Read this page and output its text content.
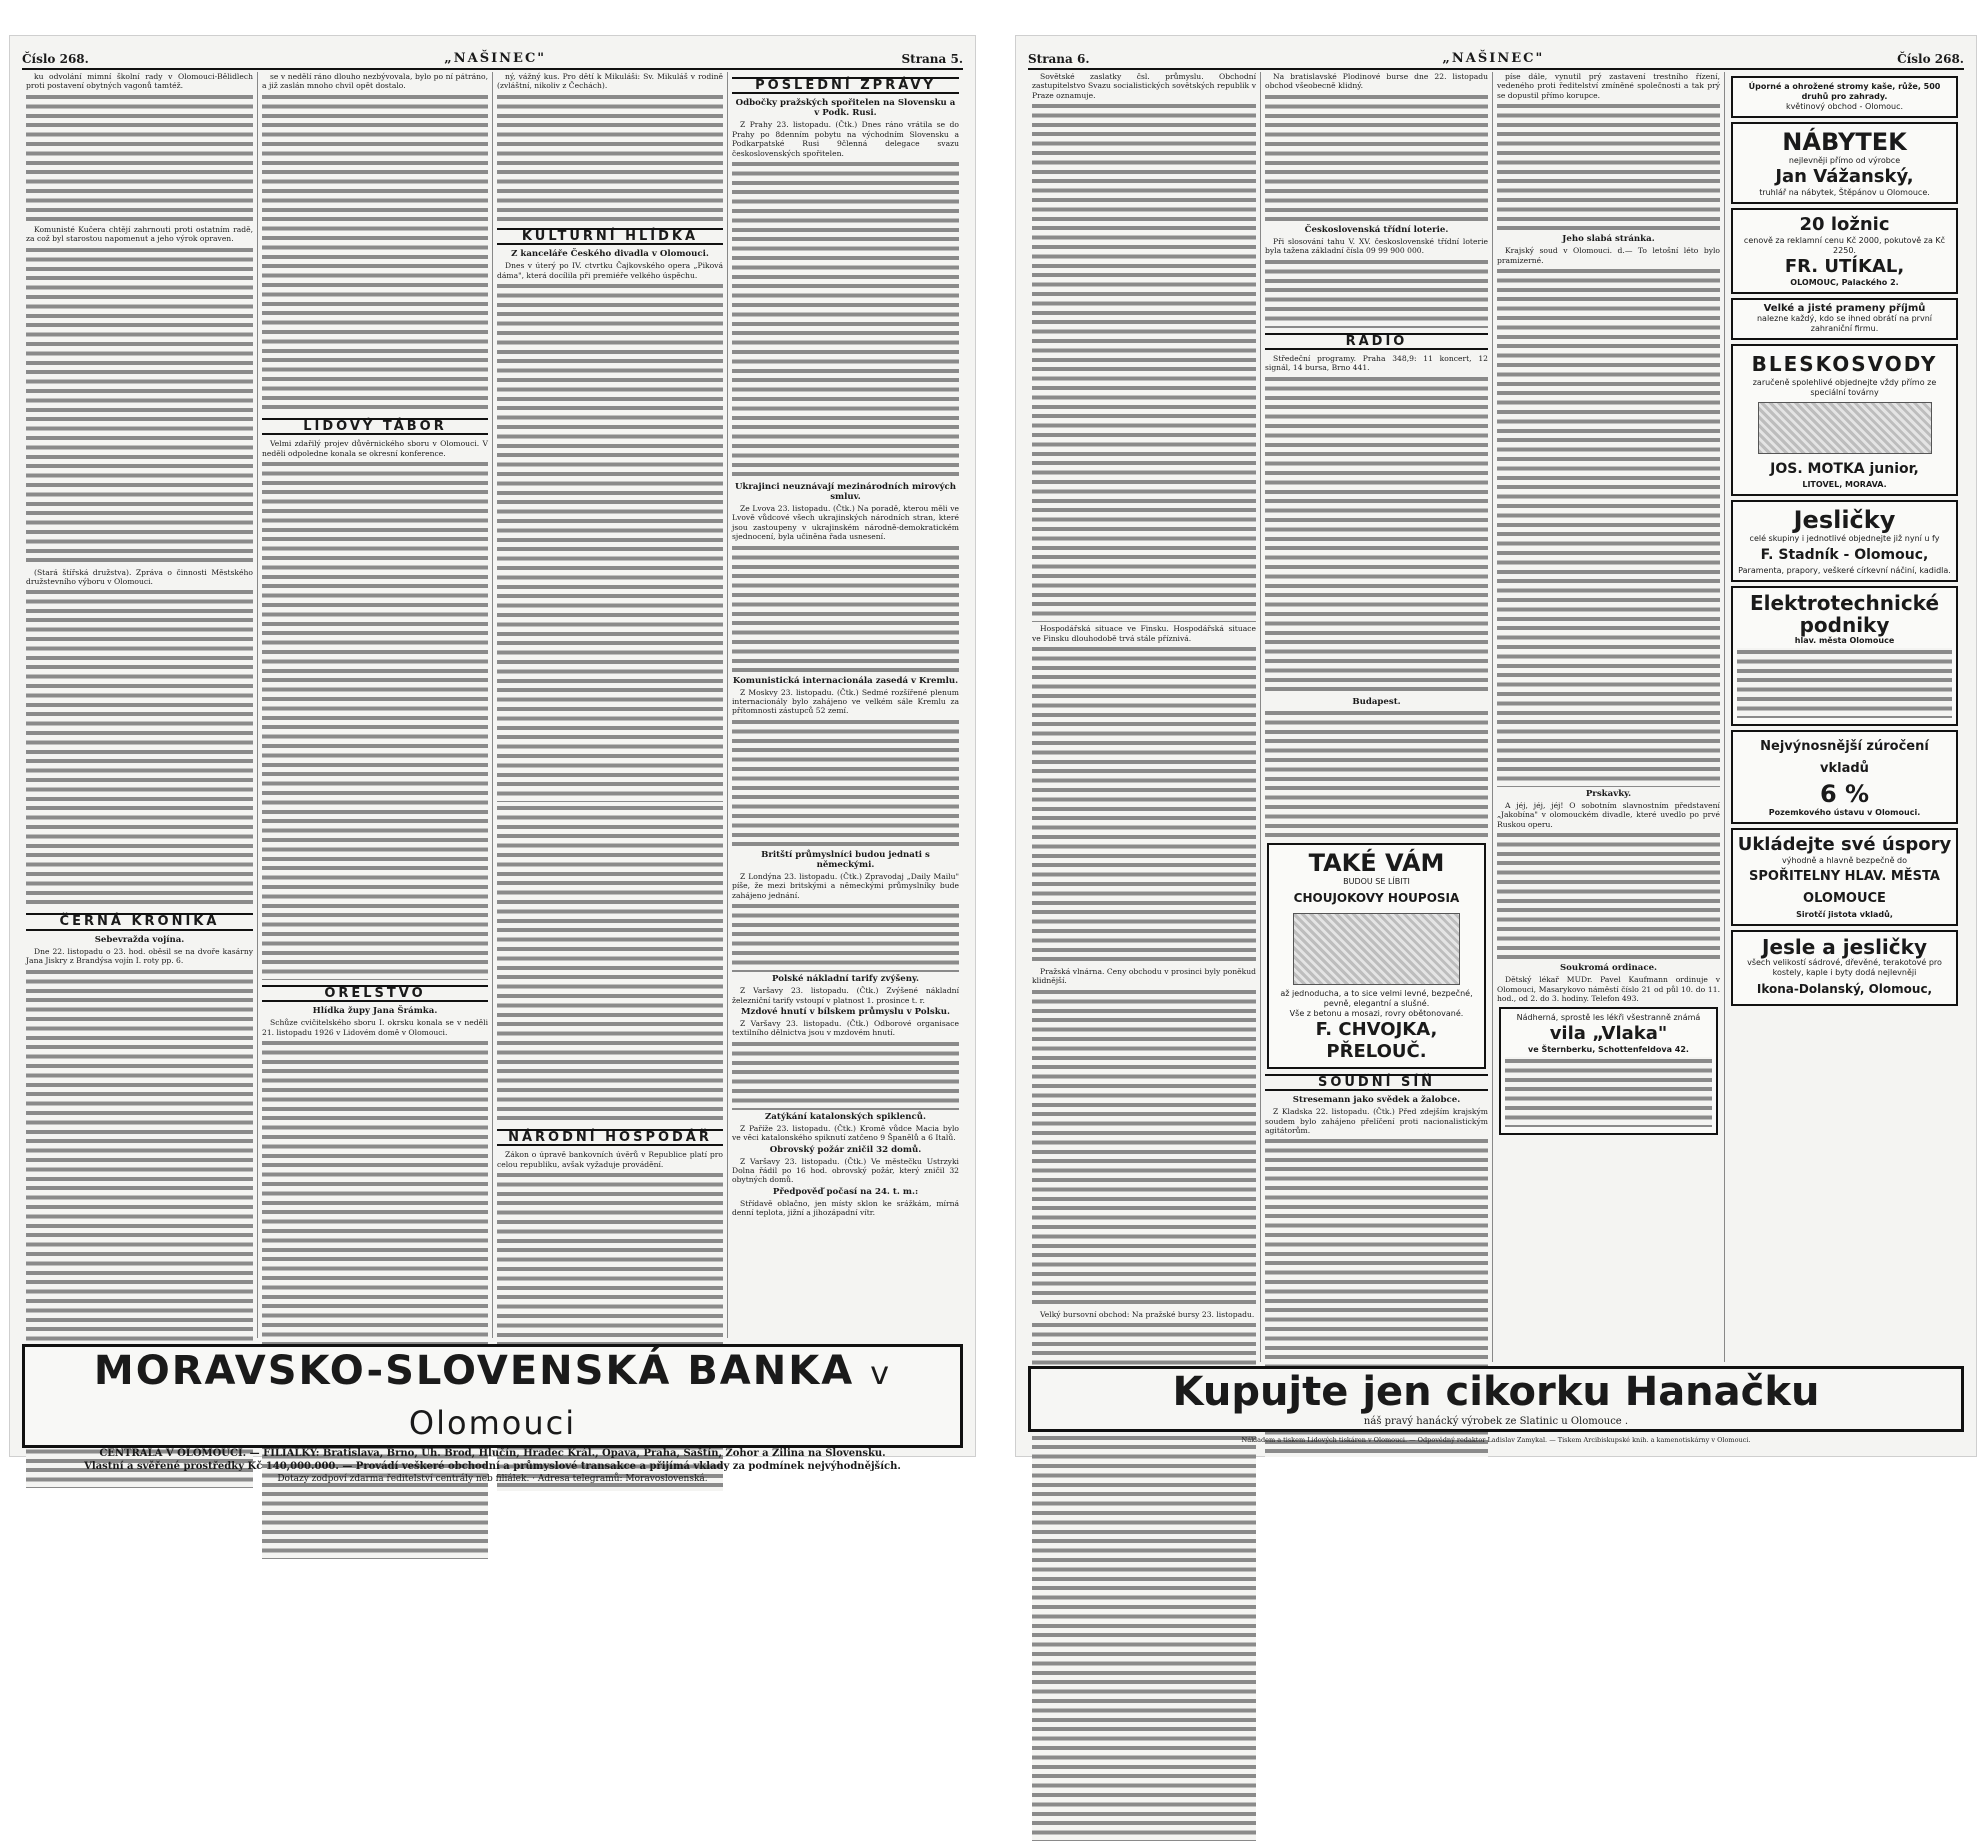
Číslo 268.	„NAŠINEC"	Strana 5.

ku odvolání mimní školní rady v Olomouci-Bělidlech proti postavení obytných vagonů tamtéž.

Komunisté Kučera chtějí zahrnouti proti ostatním radě, za což byl starostou napomenut a jeho výrok opraven.

(Stará štířská družstva). Zpráva o činnosti Městského družstevního výboru v Olomouci.

ČERNÁ KRONIKA

Sebevražda vojína.

Dne 22. listopadu o 23. hod. oběsil se na dvoře kasárny Jana Jiskry z Brandýsa vojín I. roty pp. 6.

se v nedělí ráno dlouho nezbývovala, bylo po ní pátráno, a již zaslán mnoho chvil opět dostalo.

LIDOVÝ TÁBOR

Velmi zdařilý projev důvěrnického sboru v Olomouci. V neděli odpoledne konala se okresní konference.

ORELSTVO

Hlídka župy Jana Šrámka.

Schůze cvičitelského sboru I. okrsku konala se v neděli 21. listopadu 1926 v Lidovém domě v Olomouci.

ný, vážný kus. Pro dětí k Mikuláši: Sv. Mikuláš v rodině (zvláštní, nikoliv z Čechách).

KULTURNÍ HLÍDKA

Z kanceláře Českého divadla v Olomouci.

Dnes v úterý po IV. ctvrtku Čajkovského opera „Piková dáma", která docílila při premiéře velkého úspěchu.

NÁRODNÍ HOSPODÁŘ

Zákon o úpravě bankovních úvěrů v Republice platí pro celou republiku, avšak vyžaduje provádění.

POSLEDNÍ ZPRÁVY

Odbočky pražských spořitelen na Slovensku a v Podk. Rusi.

Z Prahy 23. listopadu. (Čtk.) Dnes ráno vrátila se do Prahy po 8denním pobytu na východním Slovensku a Podkarpatské Rusi 9členná delegace svazu československých spořitelen.

Ukrajinci neuznávají mezinárodních mirových smluv.

Ze Lvova 23. listopadu. (Čtk.) Na poradě, kterou měli ve Lvově vůdcové všech ukrajinských národních stran, které jsou zastoupeny v ukrajinském národně-demokratickém sjednocení, byla učiněna řada usnesení.

Komunistická internacionála zasedá v Kremlu.

Z Moskvy 23. listopadu. (Čtk.) Sedmé rozšířené plenum internacionály bylo zahájeno ve velkém sále Kremlu za přítomnosti zástupců 52 zemí.

Britští průmyslníci budou jednati s německými.

Z Londýna 23. listopadu. (Čtk.) Zpravodaj „Daily Mailu" píše, že mezi britskými a německými průmyslníky bude zahájeno jednání.

Polské nákladní tarify zvýšeny.

Z Varšavy 23. listopadu. (Čtk.) Zvýšené nákladní železniční tarify vstoupí v platnost 1. prosince t. r.

Mzdové hnutí v bílskem průmyslu v Polsku.

Z Varšavy 23. listopadu. (Čtk.) Odborové organisace textilního dělnictva jsou v mzdovém hnutí.

Zatýkání katalonských spiklenců.

Z Paříže 23. listopadu. (Čtk.) Kromě vůdce Macia bylo ve věci katalonského spiknutí zatčeno 9 Španělů a 6 Italů.

Obrovský požár zničil 32 domů.

Z Varšavy 23. listopadu. (Čtk.) Ve městečku Ustrzyki Dolna řádil po 16 hod. obrovský požár, který zničil 32 obytných domů.

Předpověď počasí na 24. t. m.:

Střídavě oblačno, jen místy sklon ke srážkám, mírná denní teplota, jižní a jihozápadní vítr.

MORAVSKO-SLOVENSKÁ BANKA v Olomouci
CENTRÁLA V OLOMOUCI. — FILIÁLKY: Bratislava, Brno, Uh. Brod, Hlučín, Hradec Král., Opava, Praha, Šaštín, Zohor a Žilina na Slovensku.
Vlastní a svěřené prostředky Kč 140,000.000. — Provádí veškeré obchodní a průmyslové transakce a přijímá vklady za podmínek nejvýhodnějších.
Dotazy zodpoví zdarma ředitelství centrály neb filiálek. · Adresa telegramů: Moravoslovenská.
Strana 6.	„NAŠINEC"	Číslo 268.

Sovětské zaslatky čsl. průmyslu. Obchodní zastupitelstvo Svazu socialistických sovětských republik v Praze oznamuje.

Hospodářská situace ve Finsku. Hospodářská situace ve Finsku dlouhodobě trvá stále příznivá.

Pražská vlnárna. Ceny obchodu v prosinci byly poněkud klidnější.

Velký bursovní obchod: Na pražské bursy 23. listopadu.

Na bratislavské Plodinové burse dne 22. listopadu obchod všeobecně klidný.

Československá třídní loterie.

Při slosování tahu V. XV. československé třídní loterie byla tažena základní čísla 09 99 900 000.

RADIO

Středeční programy. Praha 348,9: 11 koncert, 12 signál, 14 bursa, Brno 441.

Budapest.

TAKÉ VÁM
BUDOU SE LÍBITI
CHOUJOKOVY HOUPOSIA
až jednoducha, a to sice velmi levné, bezpečné, pevně, elegantní a slušné.
Vše z betonu a mosazi, rovry obětonované.
F. CHVOJKA, PŘELOUČ.
SOUDNÍ SÍŇ

Stresemann jako svědek a žalobce.

Z Kladska 22. listopadu. (Čtk.) Před zdejším krajským soudem bylo zahájeno přelíčení proti nacionalistickým agitátorům.

píse dále, vynutil prý zastavení trestního řízení, vedeného proti ředitelství zmíněné společnosti a tak prý se dopustil přímo korupce.

Jeho slabá stránka.

Krajský soud v Olomouci. d.— To letošní léto bylo pramizerné.

Prskavky.

A jéj, jéj, jéj! O sobotním slavnostním představení „Jakobína" v olomouckém divadle, které uvedlo po prvé Ruskou operu.

Soukromá ordinace.

Dětský lékař MUDr. Pavel Kaufmann ordinuje v Olomouci, Masarykovo náměstí číslo 21 od půl 10. do 11. hod., od 2. do 3. hodiny. Telefon 493.

Nádherná, sprostě les lékři všestranně známá
vila „Vlaka"
ve Šternberku, Schottenfeldova 42.
Úporné a ohrožené stromy kaše, růže, 500 druhů pro zahrady.
květinový obchod - Olomouc.
NÁBYTEK
nejlevněji přímo od výrobce
Jan Vážanský,
truhlář na nábytek, Štěpánov u Olomouce.
20 ložnic
cenově za reklamní cenu Kč 2000, pokutově za Kč 2250.
FR. UTÍKAL,
OLOMOUC, Palackého 2.
Velké a jisté prameny příjmů
nalezne každý, kdo se ihned obrátí na první zahraniční firmu.
BLESKOSVODY
zaručeně spolehlivé objednejte vždy přímo ze speciální továrny
JOS. MOTKA junior,
LITOVEL, MORAVA.
Jesličky
celé skupiny i jednotlivé objednejte již nyní u fy
F. Stadník - Olomouc,
Paramenta, prapory, veškeré církevní náčiní, kadidla.
Elektrotechnické podniky
hlav. města Olomouce
Nejvýnosnější zúročení vkladů
6 %
Pozemkového ústavu v Olomouci.
Ukládejte své úspory
výhodně a hlavně bezpečně do
SPOŘITELNY HLAV. MĚSTA OLOMOUCE
Sirotčí jistota vkladů,
Jesle a jesličky
všech velikostí sádrové, dřevěné, terakotové pro kostely, kaple i byty dodá nejlevněji
Ikona-Dolanský, Olomouc,
Kupujte jen cikorku Hanačku
náš pravý hanácký výrobek ze Slatinic u Olomouce .
Nákladem a tiskem Lidových tiskáren v Olomouci. — Odpovědný redaktor Ladislav Zamykal. — Tiskem Arcibiskupské knih. a kamenotiskárny v Olomouci.
